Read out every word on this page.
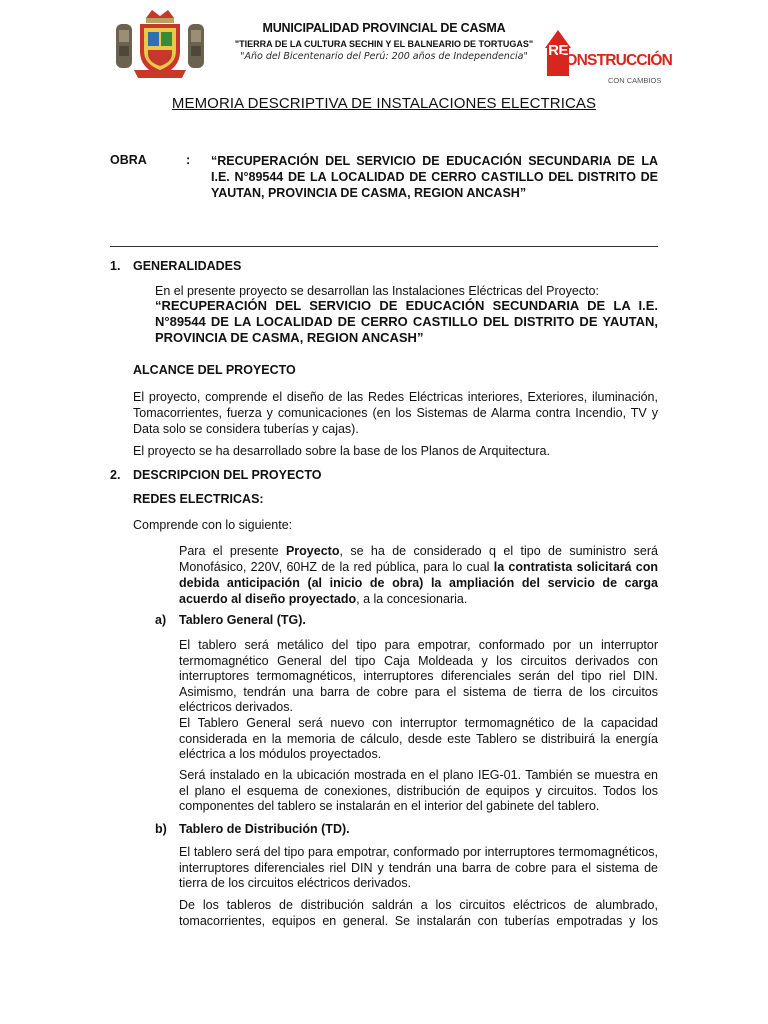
MUNICIPALIDAD PROVINCIAL DE CASMA
"TIERRA DE LA CULTURA SECHIN Y EL BALNEARIO DE TORTUGAS"
"Año del Bicentenario del Perú: 200 años de Independencia"	RE
CONSTRUCCIÓN
CON CAMBIOS
MEMORIA DESCRIPTIVA DE INSTALACIONES ELECTRICAS
OBRA	: “RECUPERACIÓN DEL SERVICIO DE EDUCACIÓN SECUNDARIA DE LA I.E. N°89544 DE LA LOCALIDAD DE CERRO CASTILLO DEL DISTRITO DE YAUTAN, PROVINCIA DE CASMA, REGION ANCASH”
1. GENERALIDADES
En el presente proyecto se desarrollan las Instalaciones Eléctricas del Proyecto:
“RECUPERACIÓN DEL SERVICIO DE EDUCACIÓN SECUNDARIA DE LA I.E. N°89544 DE LA LOCALIDAD DE CERRO CASTILLO DEL DISTRITO DE YAUTAN, PROVINCIA DE CASMA, REGION ANCASH”
ALCANCE DEL PROYECTO
El proyecto, comprende el diseño de las Redes Eléctricas interiores, Exteriores, iluminación, Tomacorrientes, fuerza y comunicaciones (en los Sistemas de Alarma contra Incendio, TV y Data solo se considera tuberías y cajas).
El proyecto se ha desarrollado sobre la base de los Planos de Arquitectura.
2. DESCRIPCION DEL PROYECTO
REDES ELECTRICAS:
Comprende con lo siguiente:
Para el presente Proyecto, se ha de considerado q el tipo de suministro será Monofásico, 220V, 60HZ de la red pública, para lo cual la contratista solicitará con debida anticipación (al inicio de obra) la ampliación del servicio de carga acuerdo al diseño proyectado, a la concesionaria.
a) Tablero General (TG).
El tablero será metálico del tipo para empotrar, conformado por un interruptor termomagnético General del tipo Caja Moldeada y los circuitos derivados con interruptores termomagnéticos, interruptores diferenciales serán del tipo riel DIN. Asimismo, tendrán una barra de cobre para el sistema de tierra de los circuitos eléctricos derivados.
El Tablero General será nuevo con interruptor termomagnético de la capacidad considerada en la memoria de cálculo, desde este Tablero se distribuirá la energía eléctrica a los módulos proyectados.
Será instalado en la ubicación mostrada en el plano IEG-01. También se muestra en el plano el esquema de conexiones, distribución de equipos y circuitos. Todos los componentes del tablero se instalarán en el interior del gabinete del tablero.
b) Tablero de Distribución (TD).
El tablero será del tipo para empotrar, conformado por interruptores termomagnéticos, interruptores diferenciales riel DIN y tendrán una barra de cobre para el sistema de tierra de los circuitos eléctricos derivados.
De los tableros de distribución saldrán a los circuitos eléctricos de alumbrado, tomacorrientes, equipos en general. Se instalarán con tuberías empotradas y los
